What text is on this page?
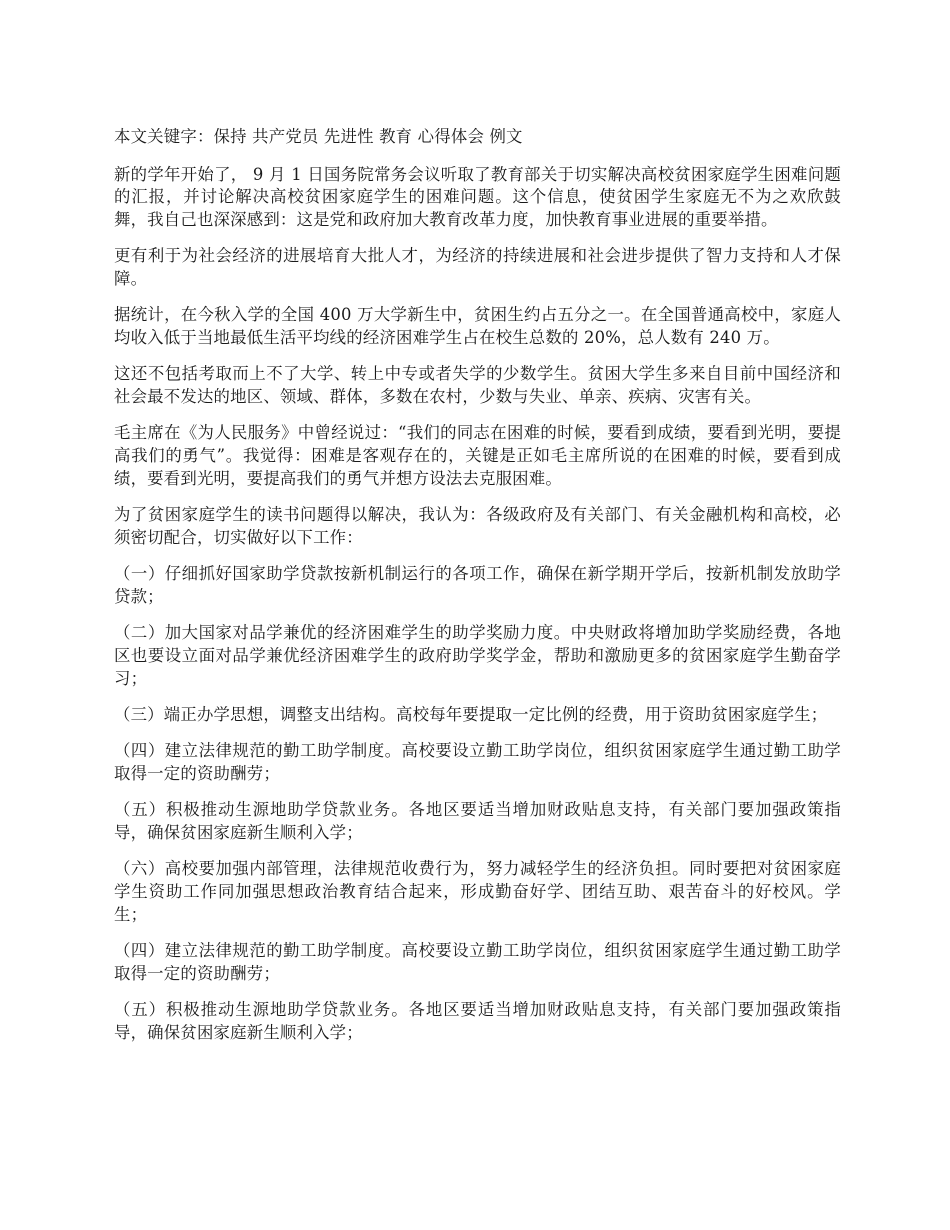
本文关键字：保持 共产党员 先进性 教育 心得体会 例文

新的学年开始了， 9 月 1 日国务院常务会议听取了教育部关于切实解决高校贫困家庭学生困难问题的汇报，并讨论解决高校贫困家庭学生的困难问题。这个信息，使贫困学生家庭无不为之欢欣鼓舞，我自己也深深感到：这是党和政府加大教育改革力度，加快教育事业进展的重要举措。

更有利于为社会经济的进展培育大批人才，为经济的持续进展和社会进步提供了智力支持和人才保障。

据统计，在今秋入学的全国 400 万大学新生中，贫困生约占五分之一。在全国普通高校中，家庭人均收入低于当地最低生活平均线的经济困难学生占在校生总数的 20%，总人数有 240 万。

这还不包括考取而上不了大学、转上中专或者失学的少数学生。贫困大学生多来自目前中国经济和社会最不发达的地区、领域、群体，多数在农村，少数与失业、单亲、疾病、灾害有关。

毛主席在《为人民服务》中曾经说过：“我们的同志在困难的时候，要看到成绩，要看到光明，要提高我们的勇气”。我觉得：困难是客观存在的，关键是正如毛主席所说的在困难的时候，要看到成绩，要看到光明，要提高我们的勇气并想方设法去克服困难。

为了贫困家庭学生的读书问题得以解决，我认为：各级政府及有关部门、有关金融机构和高校，必须密切配合，切实做好以下工作：

（一）仔细抓好国家助学贷款按新机制运行的各项工作，确保在新学期开学后，按新机制发放助学贷款；

（二）加大国家对品学兼优的经济困难学生的助学奖励力度。中央财政将增加助学奖励经费，各地区也要设立面对品学兼优经济困难学生的政府助学奖学金，帮助和激励更多的贫困家庭学生勤奋学习；

（三）端正办学思想，调整支出结构。高校每年要提取一定比例的经费，用于资助贫困家庭学生；

（四）建立法律规范的勤工助学制度。高校要设立勤工助学岗位，组织贫困家庭学生通过勤工助学取得一定的资助酬劳；

（五）积极推动生源地助学贷款业务。各地区要适当增加财政贴息支持，有关部门要加强政策指导，确保贫困家庭新生顺利入学；

（六）高校要加强内部管理，法律规范收费行为，努力减轻学生的经济负担。同时要把对贫困家庭学生资助工作同加强思想政治教育结合起来，形成勤奋好学、团结互助、艰苦奋斗的好校风。学生；

（四）建立法律规范的勤工助学制度。高校要设立勤工助学岗位，组织贫困家庭学生通过勤工助学取得一定的资助酬劳；

（五）积极推动生源地助学贷款业务。各地区要适当增加财政贴息支持，有关部门要加强政策指导，确保贫困家庭新生顺利入学；
